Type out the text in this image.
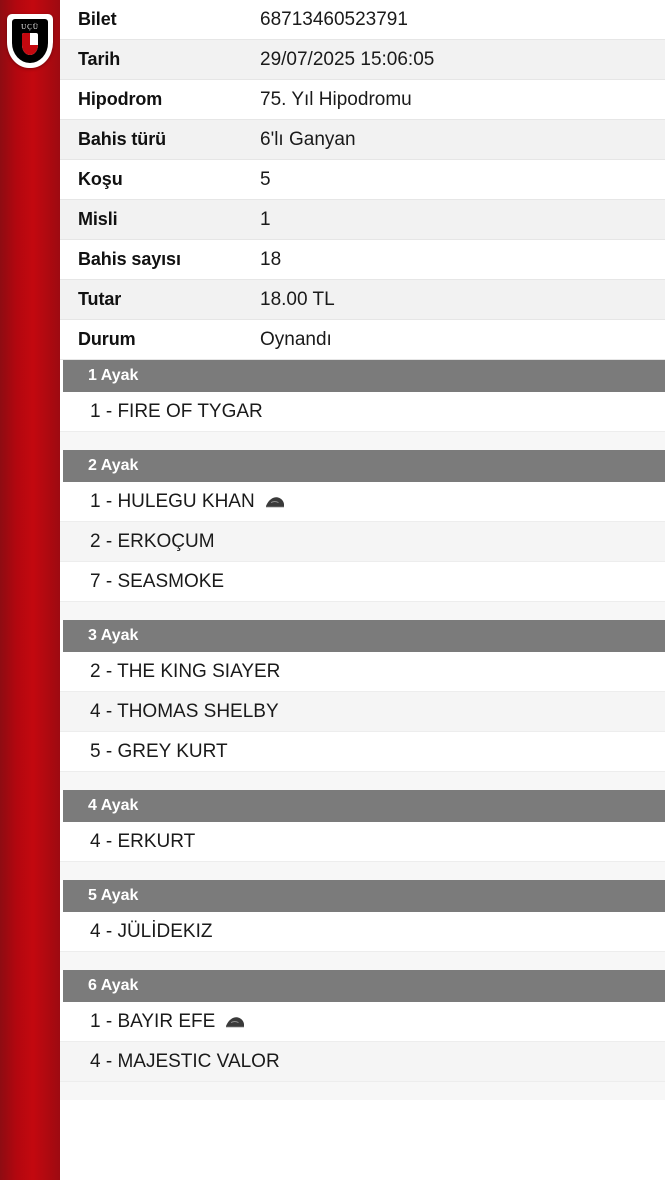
UÇÜ Bilet	68713460523791
Tarih	29/07/2025 15:06:05
Hipodrom	75. Yıl Hipodromu
Bahis türü	6'lı Ganyan
Koşu	5
Misli	1
Bahis sayısı	18
Tutar	18.00 TL
Durum	Oynandı
1 Ayak
1 - FIRE OF TYGAR
2 Ayak
1 - HULEGU KHAN
2 - ERKOÇUM
7 - SEASMOKE
3 Ayak
2 - THE KING SIAYER
4 - THOMAS SHELBY
5 - GREY KURT
4 Ayak
4 - ERKURT
5 Ayak
4 - JÜLİDEKIZ
6 Ayak
1 - BAYIR EFE
4 - MAJESTIC VALOR
